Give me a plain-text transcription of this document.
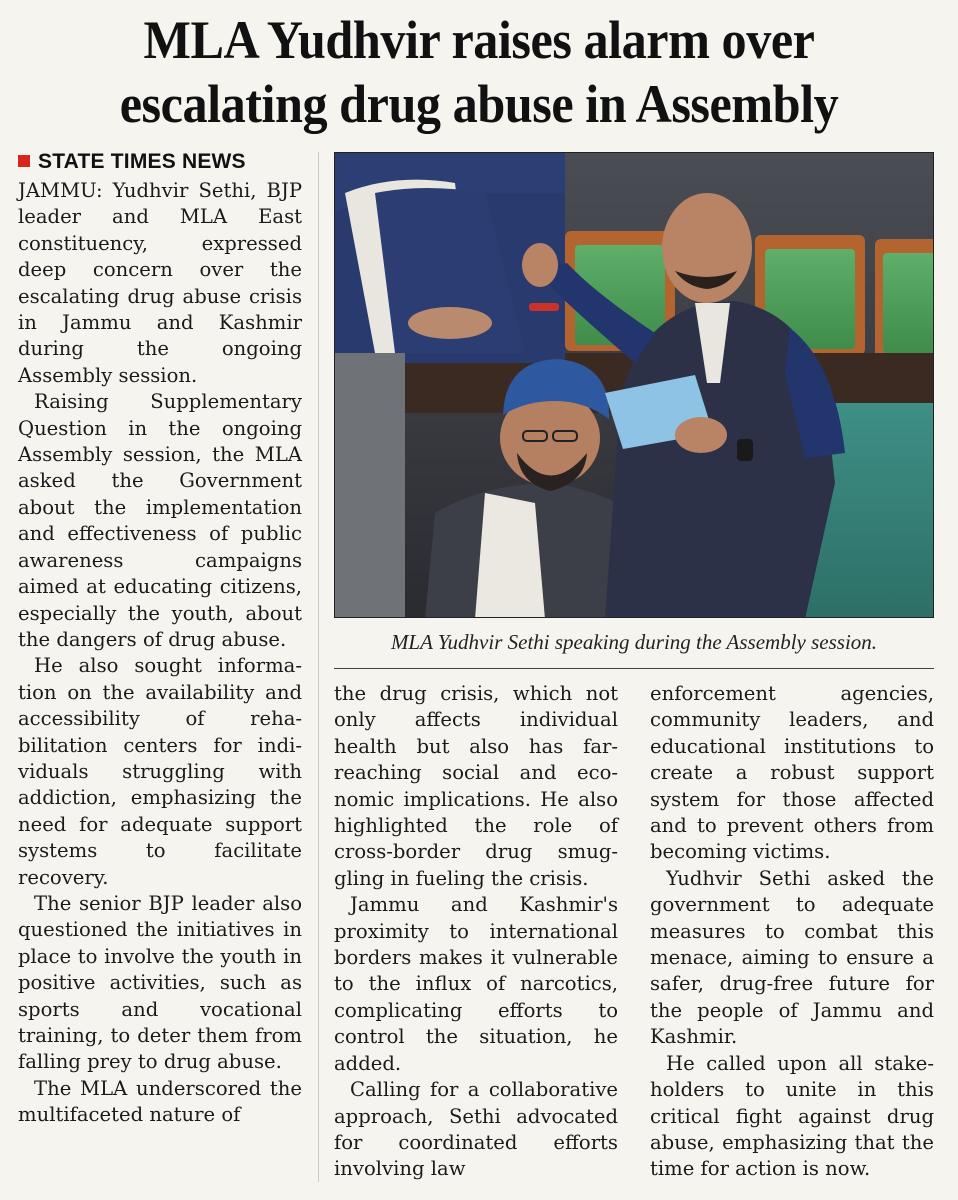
MLA Yudhvir raises alarm over
escalating drug abuse in Assembly
STATE TIMES NEWS

JAMMU: Yudhvir Sethi, BJP leader and MLA East constituency, expressed deep concern over the escalating drug abuse crisis in Jammu and Kashmir during the ongoing Assembly session.

Raising Supplementary Question in the ongoing Assembly session, the MLA asked the Government about the implementation and effectiveness of public awareness campaigns aimed at educating citizens, especially the youth, about the dangers of drug abuse.

He also sought information on the availability and accessibility of rehabilitation centers for individuals struggling with addiction, emphasizing the need for adequate support systems to facilitate recovery.

The senior BJP leader also questioned the initiatives in place to involve the youth in positive activities, such as sports and vocational training, to deter them from falling prey to drug abuse.

The MLA underscored the multifaceted nature of

MLA Yudhvir Sethi speaking during the Assembly session.

the drug crisis, which not only affects individual health but also has far-reaching social and economic implications. He also highlighted the role of cross-border drug smuggling in fueling the crisis.

Jammu and Kashmir's proximity to international borders makes it vulnerable to the influx of narcotics, complicating efforts to control the situation, he added.

Calling for a collaborative approach, Sethi advocated for coordinated efforts involving law

enforcement agencies, community leaders, and educational institutions to create a robust support system for those affected and to prevent others from becoming victims.

Yudhvir Sethi asked the government to adequate measures to combat this menace, aiming to ensure a safer, drug-free future for the people of Jammu and Kashmir.

He called upon all stakeholders to unite in this critical fight against drug abuse, emphasizing that the time for action is now.
